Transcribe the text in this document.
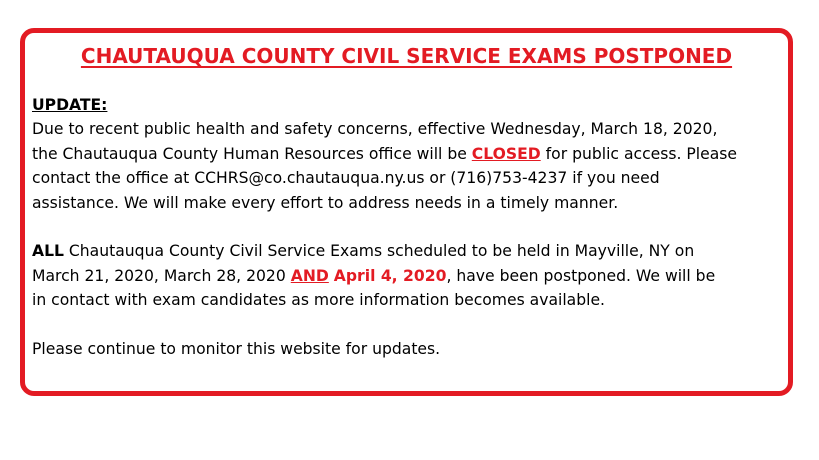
CHAUTAUQUA COUNTY CIVIL SERVICE EXAMS POSTPONED
UPDATE:
Due to recent public health and safety concerns, effective Wednesday, March 18, 2020,
the Chautauqua County Human Resources office will be CLOSED for public access. Please
contact the office at CCHRS@co.chautauqua.ny.us or (716)753-4237 if you need
assistance. We will make every effort to address needs in a timely manner.
ALL Chautauqua County Civil Service Exams scheduled to be held in Mayville, NY on
March 21, 2020, March 28, 2020 AND April 4, 2020, have been postponed. We will be
in contact with exam candidates as more information becomes available.
Please continue to monitor this website for updates.
